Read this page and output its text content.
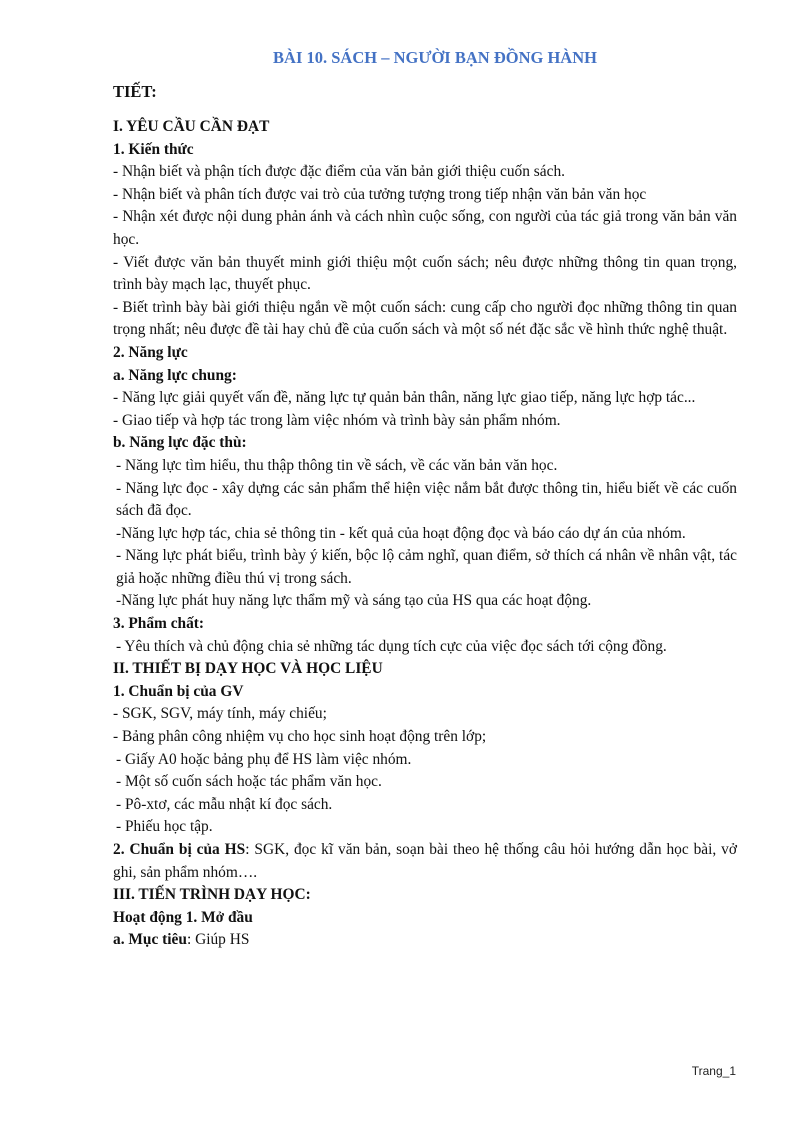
BÀI 10. SÁCH – NGƯỜI BẠN ĐỒNG HÀNH
TIẾT:
I. YÊU CẦU CẦN ĐẠT
1. Kiến thức
- Nhận biết và phận tích được đặc điểm của văn bản giới thiệu cuốn sách.
- Nhận biết và phân tích được vai trò của tưởng tượng trong tiếp nhận văn bản văn học
- Nhận xét được nội dung phản ánh và cách nhìn cuộc sống, con người của tác giả trong văn bản văn học.
- Viết được văn bản thuyết minh giới thiệu một cuốn sách; nêu được những thông tin quan trọng, trình bày mạch lạc, thuyết phục.
- Biết trình bày bài giới thiệu ngắn về một cuốn sách: cung cấp cho người đọc những thông tin quan trọng nhất; nêu được đề tài hay chủ đề của cuốn sách và một số nét đặc sắc về hình thức nghệ thuật.
2. Năng lực
a. Năng lực chung:
- Năng lực giải quyết vấn đề, năng lực tự quản bản thân, năng lực giao tiếp, năng lực hợp tác...
- Giao tiếp và hợp tác trong làm việc nhóm và trình bày sản phẩm nhóm.
b. Năng lực đặc thù:
- Năng lực tìm hiểu, thu thập thông tin về sách, về các văn bản văn học.
- Năng lực đọc - xây dựng các sản phẩm thể hiện việc nắm bắt được thông tin, hiểu biết về các cuốn sách đã đọc.
-Năng lực hợp tác, chia sẻ thông tin - kết quả của hoạt động đọc và báo cáo dự án của nhóm.
- Năng lực phát biểu, trình bày ý kiến, bộc lộ cảm nghĩ, quan điểm, sở thích cá nhân về nhân vật, tác giả hoặc những điều thú vị trong sách.
-Năng lực phát huy năng lực thẩm mỹ và sáng tạo của HS qua các hoạt động.
3. Phẩm chất:
- Yêu thích và chủ động chia sẻ những tác dụng tích cực của việc đọc sách tới cộng đồng.
II. THIẾT BỊ DẠY HỌC VÀ HỌC LIỆU
1. Chuẩn bị của GV
- SGK, SGV, máy tính, máy chiếu;
- Bảng phân công nhiệm vụ cho học sinh hoạt động trên lớp;
- Giấy A0 hoặc bảng phụ để HS làm việc nhóm.
- Một số cuốn sách hoặc tác phẩm văn học.
- Pô-xtơ, các mẫu nhật kí đọc sách.
- Phiếu học tập.
2. Chuẩn bị của HS: SGK, đọc kĩ văn bản, soạn bài theo hệ thống câu hỏi hướng dẫn học bài, vở ghi, sản phẩm nhóm….
III. TIẾN TRÌNH DẠY HỌC:
Hoạt động 1. Mở đầu
a. Mục tiêu: Giúp HS
Trang_1
